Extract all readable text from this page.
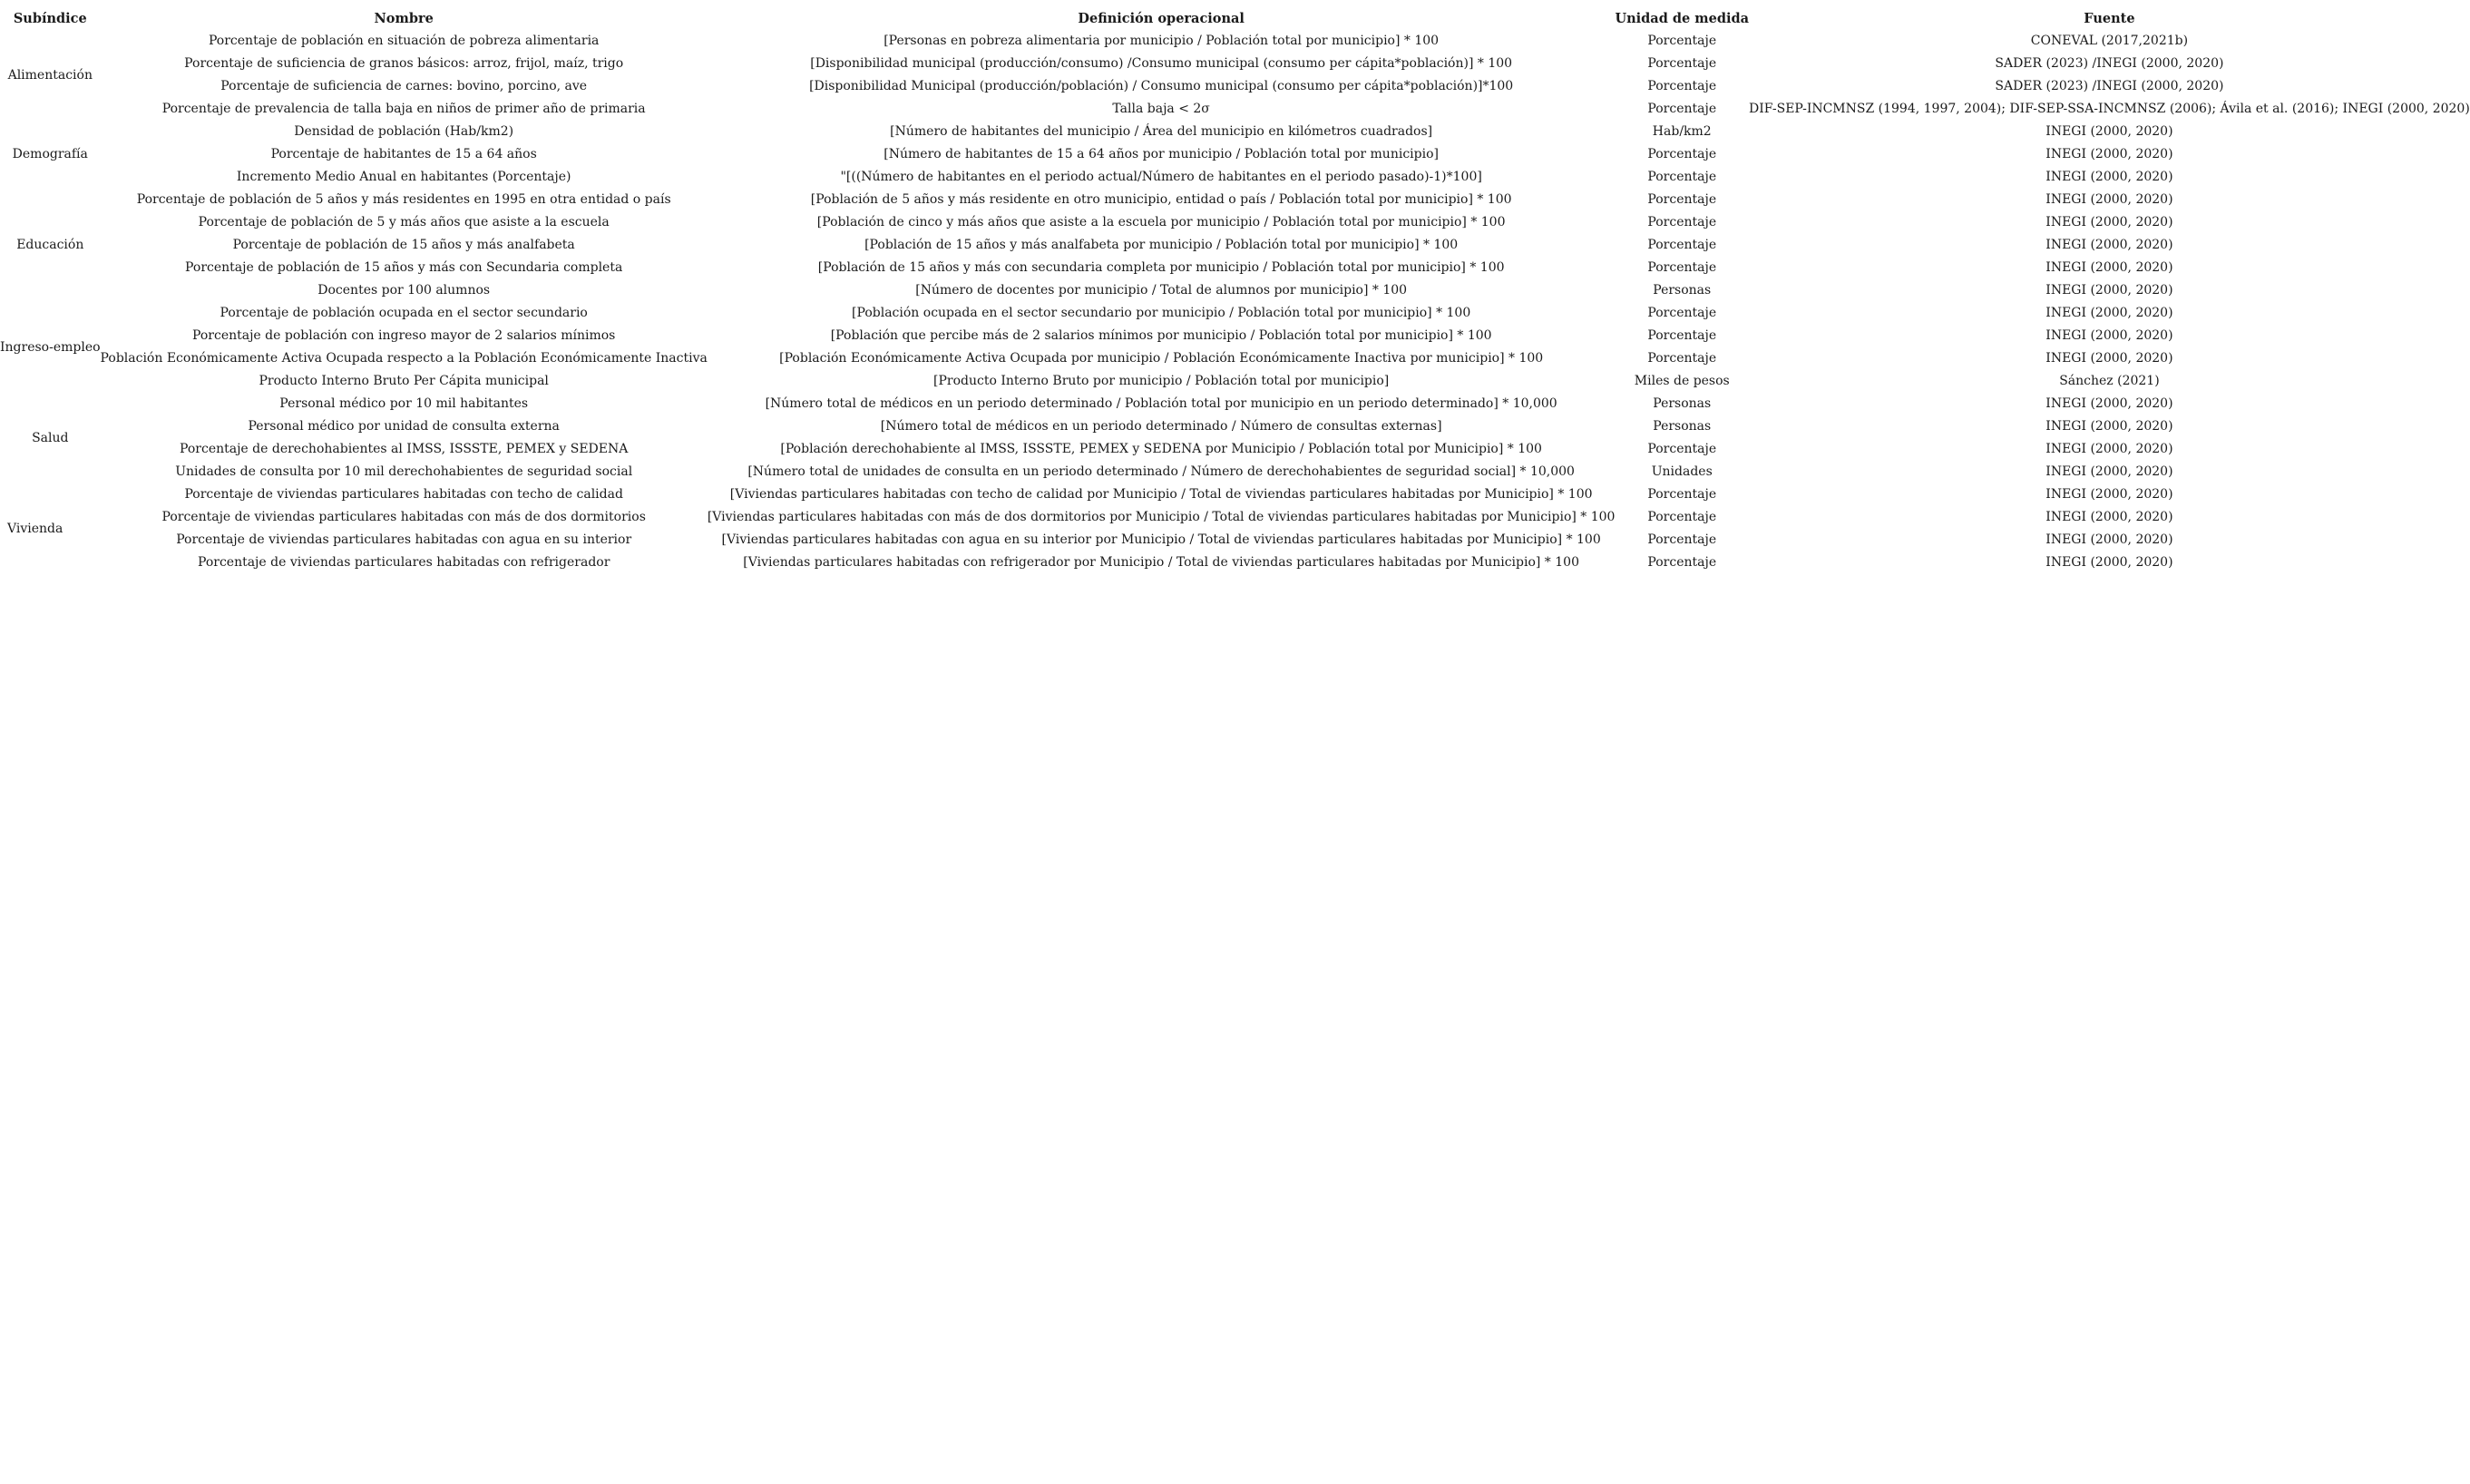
Subíndice	Nombre	Definición operacional	Unidad de medida	Fuente
Alimentación	Porcentaje de población en situación de pobreza alimentaria	[Personas en pobreza alimentaria por municipio / Población total por municipio] * 100	Porcentaje	CONEVAL (2017,2021b)
	Porcentaje de suficiencia de granos básicos: arroz, frijol, maíz, trigo	[Disponibilidad municipal (producción/consumo) /Consumo municipal (consumo per cápita*población)] * 100	Porcentaje	SADER (2023) /INEGI (2000, 2020)
	Porcentaje de suficiencia de carnes: bovino, porcino, ave	[Disponibilidad Municipal (producción/población) / Consumo municipal (consumo per cápita*población)]*100	Porcentaje	SADER (2023) /INEGI (2000, 2020)
	Porcentaje de prevalencia de talla baja en niños de primer año de primaria	Talla baja < 2σ	Porcentaje	DIF-SEP-INCMNSZ (1994, 1997, 2004); DIF-SEP-SSA-INCMNSZ (2006); Ávila et al. (2016); INEGI (2000, 2020)
Demografía	Densidad de población (Hab/km2)	[Número de habitantes del municipio / Área del municipio en kilómetros cuadrados]	Hab/km2	INEGI (2000, 2020)
	Porcentaje de habitantes de 15 a 64 años	[Número de habitantes de 15 a 64 años por municipio / Población total por municipio]	Porcentaje	INEGI (2000, 2020)
	Incremento Medio Anual en habitantes (Porcentaje)	"[((Número de habitantes en el periodo actual/Número de habitantes en el periodo pasado)-1)*100]	Porcentaje	INEGI (2000, 2020)
Educación	Porcentaje de población de 5 años y más residentes en 1995 en otra entidad o país	[Población de 5 años y más residente en otro municipio, entidad o país / Población total por municipio] * 100	Porcentaje	INEGI (2000, 2020)
	Porcentaje de población de 5 y más años que asiste a la escuela	[Población de cinco y más años que asiste a la escuela por municipio / Población total por municipio] * 100	Porcentaje	INEGI (2000, 2020)
	Porcentaje de población de 15 años y más analfabeta	[Población de 15 años y más analfabeta por municipio / Población total por municipio] * 100	Porcentaje	INEGI (2000, 2020)
	Porcentaje de población de 15 años y más con Secundaria completa	[Población de 15 años y más con secundaria completa por municipio / Población total por municipio] * 100	Porcentaje	INEGI (2000, 2020)
	Docentes por 100 alumnos	[Número de docentes por municipio / Total de alumnos por municipio] * 100	Personas	INEGI (2000, 2020)
Ingreso-empleo	Porcentaje de población ocupada en el sector secundario	[Población ocupada en el sector secundario por municipio / Población total por municipio] * 100	Porcentaje	INEGI (2000, 2020)
	Porcentaje de población con ingreso mayor de 2 salarios mínimos	[Población que percibe más de 2 salarios mínimos por municipio / Población total por municipio] * 100	Porcentaje	INEGI (2000, 2020)
	Población Económicamente Activa Ocupada respecto a la Población Económicamente Inactiva	[Población Económicamente Activa Ocupada por municipio / Población Económicamente Inactiva por municipio] * 100	Porcentaje	INEGI (2000, 2020)
	Producto Interno Bruto Per Cápita municipal	[Producto Interno Bruto por municipio / Población total por municipio]	Miles de pesos	Sánchez (2021)
Salud	Personal médico por 10 mil habitantes	[Número total de médicos en un periodo determinado / Población total por municipio en un periodo determinado] * 10,000	Personas	INEGI (2000, 2020)
	Personal médico por unidad de consulta externa	[Número total de médicos en un periodo determinado / Número de consultas externas]	Personas	INEGI (2000, 2020)
	Porcentaje de derechohabientes al IMSS, ISSSTE, PEMEX y SEDENA	[Población derechohabiente al IMSS, ISSSTE, PEMEX y SEDENA por Municipio / Población total por Municipio] * 100	Porcentaje	INEGI (2000, 2020)
	Unidades de consulta por 10 mil derechohabientes de seguridad social	[Número total de unidades de consulta en un periodo determinado / Número de derechohabientes de seguridad social] * 10,000	Unidades	INEGI (2000, 2020)
Vivienda	Porcentaje de viviendas particulares habitadas con techo de calidad	[Viviendas particulares habitadas con techo de calidad por Municipio / Total de viviendas particulares habitadas por Municipio] * 100	Porcentaje	INEGI (2000, 2020)
	Porcentaje de viviendas particulares habitadas con más de dos dormitorios	[Viviendas particulares habitadas con más de dos dormitorios por Municipio / Total de viviendas particulares habitadas por Municipio] * 100	Porcentaje	INEGI (2000, 2020)
	Porcentaje de viviendas particulares habitadas con agua en su interior	[Viviendas particulares habitadas con agua en su interior por Municipio / Total de viviendas particulares habitadas por Municipio] * 100	Porcentaje	INEGI (2000, 2020)
	Porcentaje de viviendas particulares habitadas con refrigerador	[Viviendas particulares habitadas con refrigerador por Municipio / Total de viviendas particulares habitadas por Municipio] * 100	Porcentaje	INEGI (2000, 2020)
